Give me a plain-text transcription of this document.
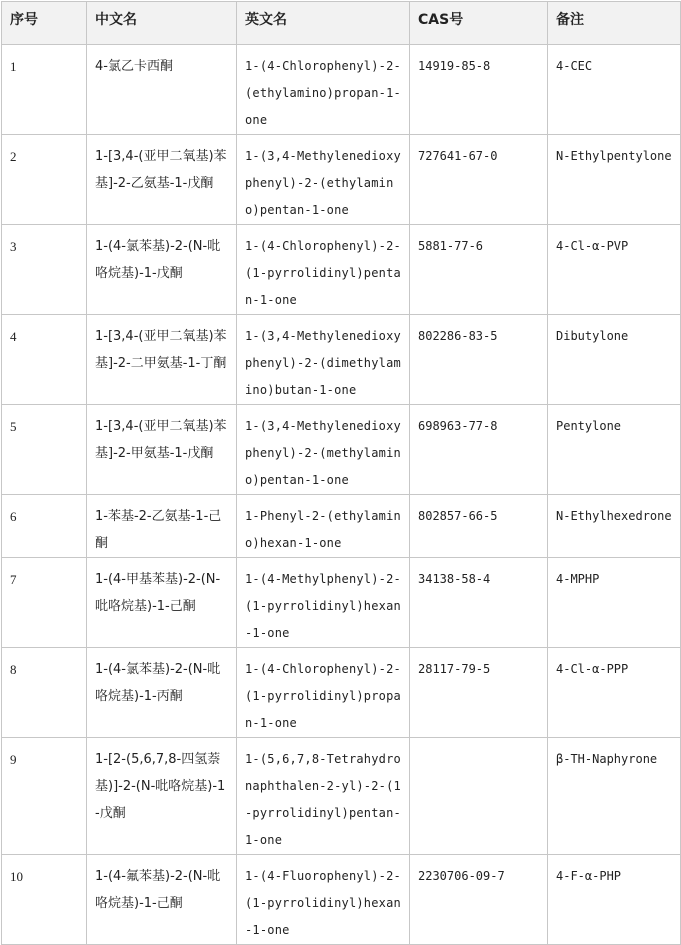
序号	中文名	英文名	CAS号	备注
1	4-氯乙卡西酮	1-(4-Chlorophenyl)-2-(ethylamino)propan-1-one	14919-85-8	4-CEC
2	1-[3,4-(亚甲二氧基)苯基]-2-乙氨基-1-戊酮	1-(3,4-Methylenedioxyphenyl)-2-(ethylamino)pentan-1-one	727641-67-0	N-Ethylpentylone
3	1-(4-氯苯基)-2-(N-吡咯烷基)-1-戊酮	1-(4-Chlorophenyl)-2-(1-pyrrolidinyl)pentan-1-one	5881-77-6	4-Cl-α-PVP
4	1-[3,4-(亚甲二氧基)苯基]-2-二甲氨基-1-丁酮	1-(3,4-Methylenedioxyphenyl)-2-(dimethylamino)butan-1-one	802286-83-5	Dibutylone
5	1-[3,4-(亚甲二氧基)苯基]-2-甲氨基-1-戊酮	1-(3,4-Methylenedioxyphenyl)-2-(methylamino)pentan-1-one	698963-77-8	Pentylone
6	1-苯基-2-乙氨基-1-己酮	1-Phenyl-2-(ethylamino)hexan-1-one	802857-66-5	N-Ethylhexedrone
7	1-(4-甲基苯基)-2-(N-吡咯烷基)-1-己酮	1-(4-Methylphenyl)-2-(1-pyrrolidinyl)hexan-1-one	34138-58-4	4-MPHP
8	1-(4-氯苯基)-2-(N-吡咯烷基)-1-丙酮	1-(4-Chlorophenyl)-2-(1-pyrrolidinyl)propan-1-one	28117-79-5	4-Cl-α-PPP
9	1-[2-(5,6,7,8-四氢萘基)]-2-(N-吡咯烷基)-1-戊酮	1-(5,6,7,8-Tetrahydronaphthalen-2-yl)-2-(1-pyrrolidinyl)pentan-1-one		β-TH-Naphyrone
10	1-(4-氟苯基)-2-(N-吡咯烷基)-1-己酮	1-(4-Fluorophenyl)-2-(1-pyrrolidinyl)hexan-1-one	2230706-09-7	4-F-α-PHP
